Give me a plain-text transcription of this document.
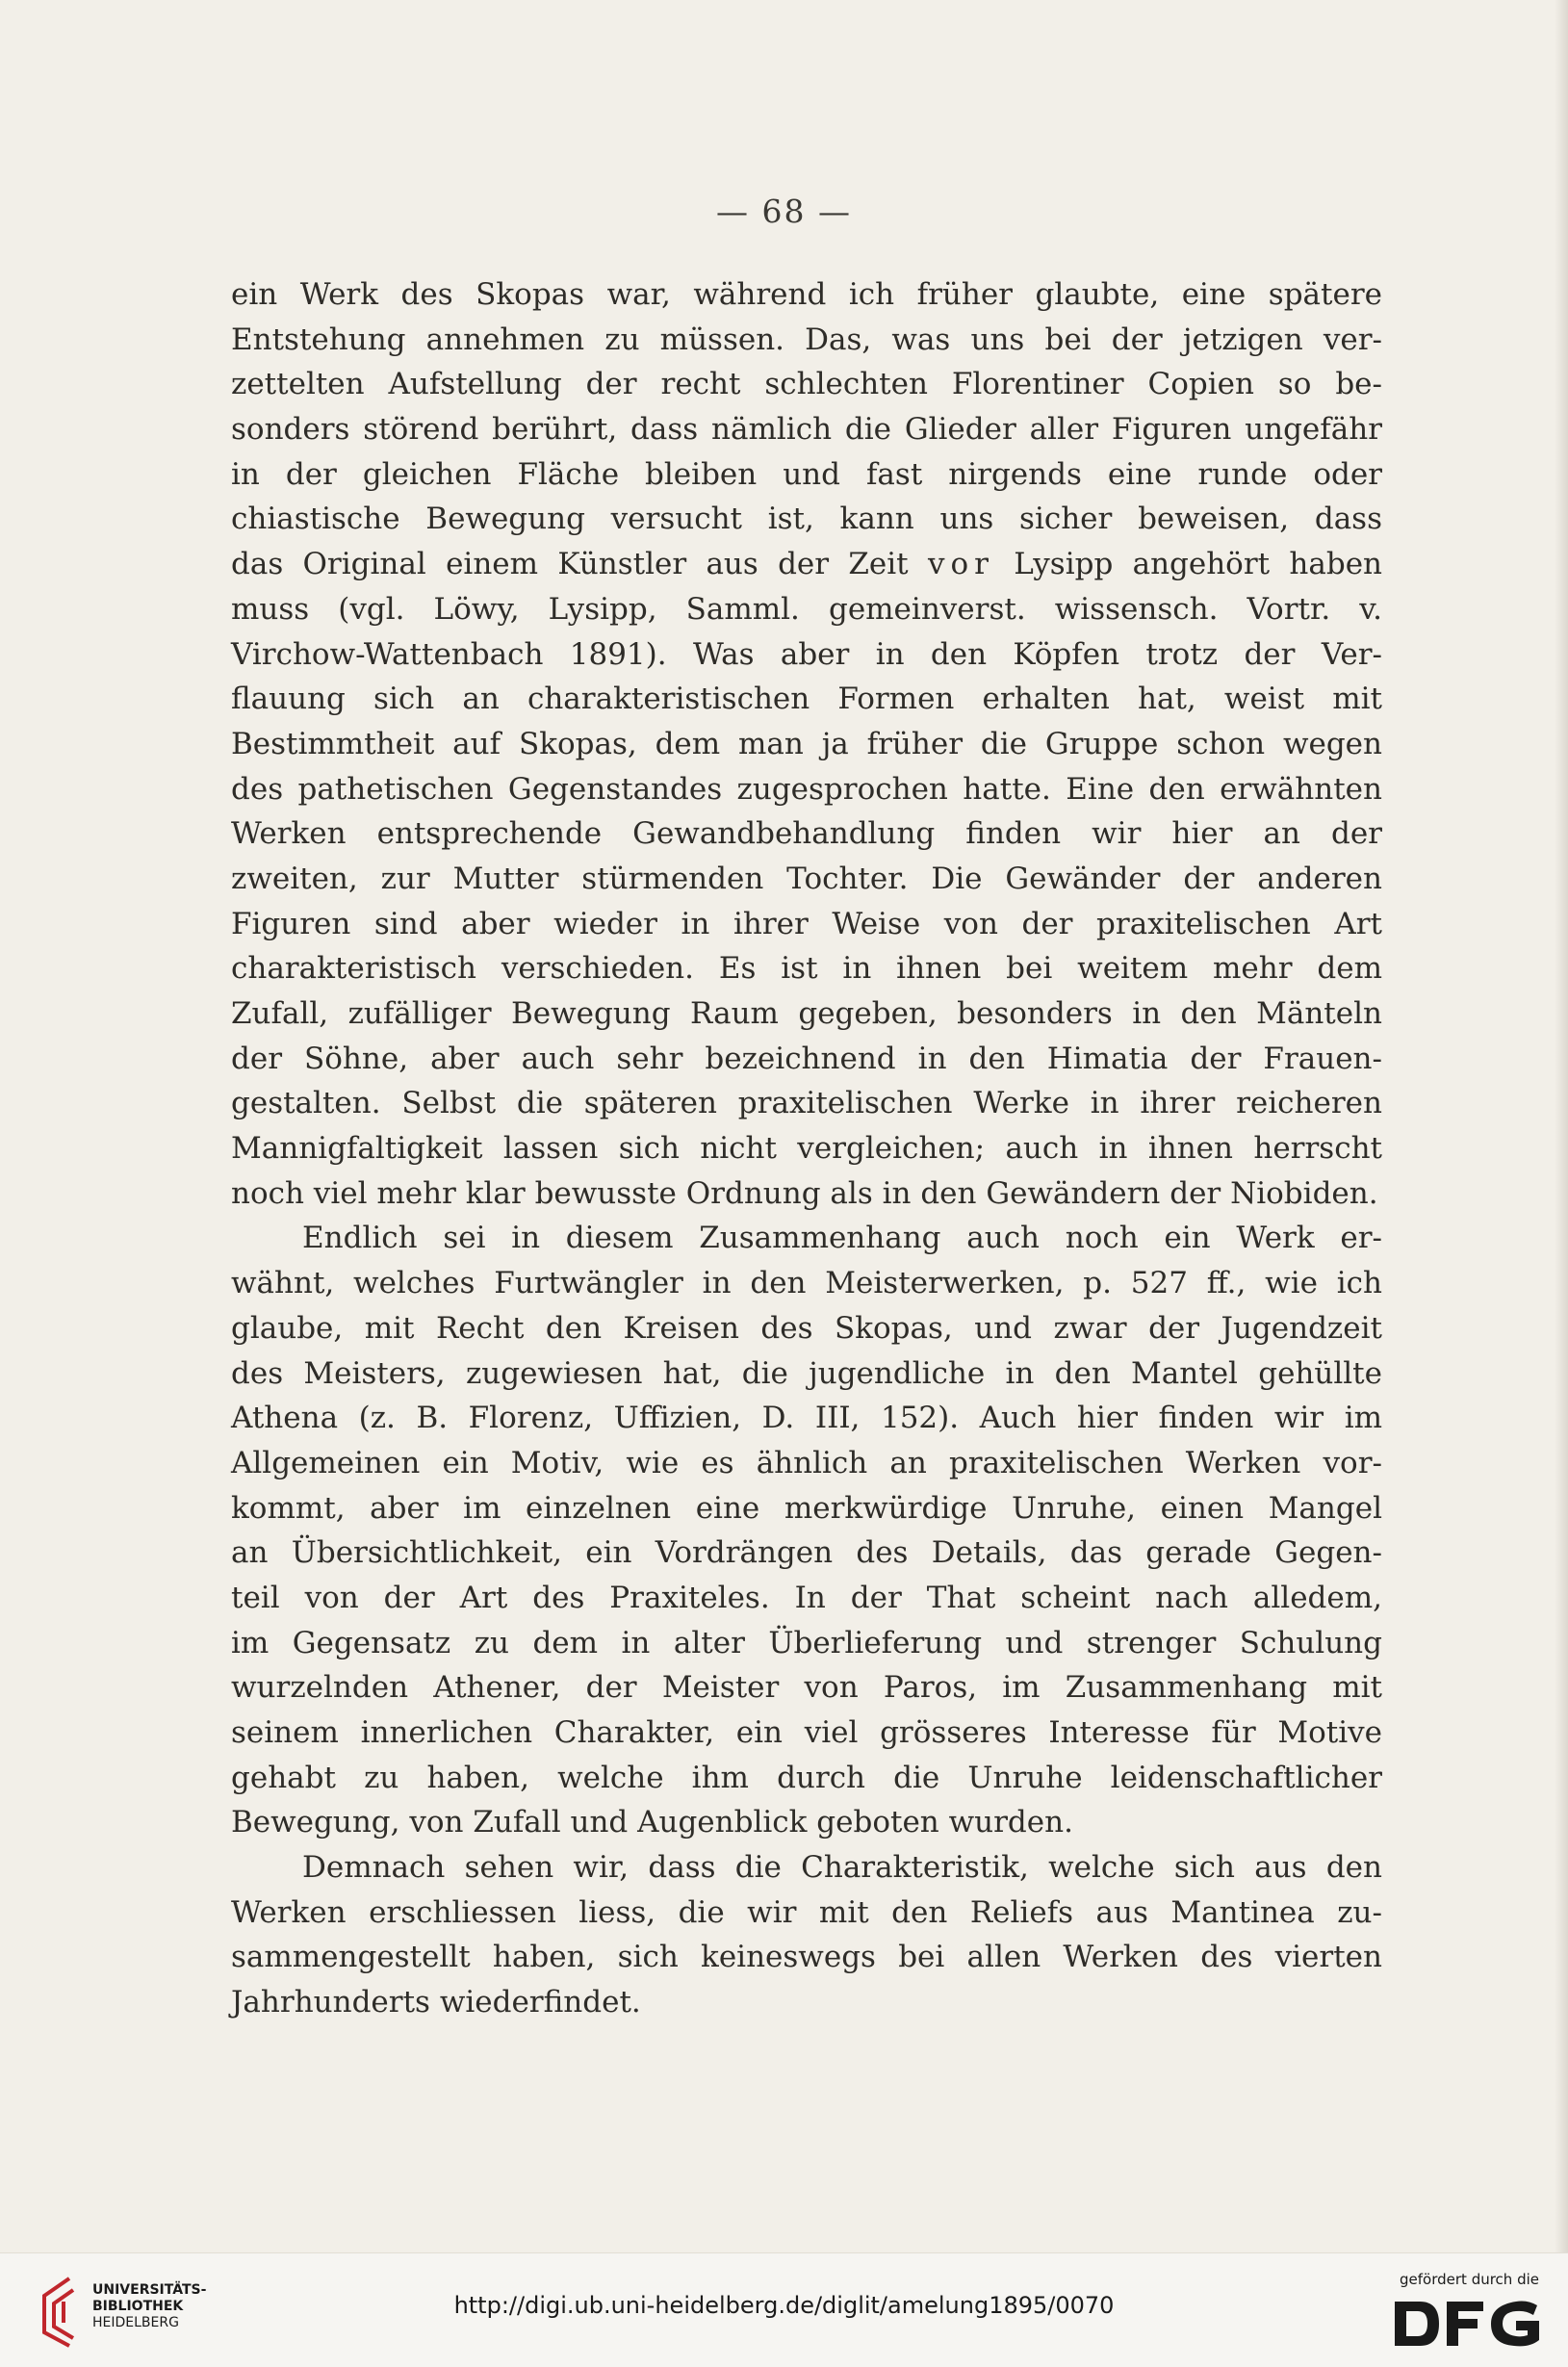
— 68 —
ein Werk des Skopas war, während ich früher glaubte, eine spätere
Entstehung annehmen zu müssen. Das, was uns bei der jetzigen ver-
zettelten Aufstellung der recht schlechten Florentiner Copien so be-
sonders störend berührt, dass nämlich die Glieder aller Figuren ungefähr
in der gleichen Fläche bleiben und fast nirgends eine runde oder
chiastische Bewegung versucht ist, kann uns sicher beweisen, dass
das Original einem Künstler aus der Zeit vor Lysipp angehört haben
muss (vgl. Löwy, Lysipp, Samml. gemeinverst. wissensch. Vortr. v.
Virchow-Wattenbach 1891). Was aber in den Köpfen trotz der Ver-
flauung sich an charakteristischen Formen erhalten hat, weist mit
Bestimmtheit auf Skopas, dem man ja früher die Gruppe schon wegen
des pathetischen Gegenstandes zugesprochen hatte. Eine den erwähnten
Werken entsprechende Gewandbehandlung finden wir hier an der
zweiten, zur Mutter stürmenden Tochter. Die Gewänder der anderen
Figuren sind aber wieder in ihrer Weise von der praxitelischen Art
charakteristisch verschieden. Es ist in ihnen bei weitem mehr dem
Zufall, zufälliger Bewegung Raum gegeben, besonders in den Mänteln
der Söhne, aber auch sehr bezeichnend in den Himatia der Frauen-
gestalten. Selbst die späteren praxitelischen Werke in ihrer reicheren
Mannigfaltigkeit lassen sich nicht vergleichen; auch in ihnen herrscht
noch viel mehr klar bewusste Ordnung als in den Gewändern der Niobiden.
Endlich sei in diesem Zusammenhang auch noch ein Werk er-
wähnt, welches Furtwängler in den Meisterwerken, p. 527 ff., wie ich
glaube, mit Recht den Kreisen des Skopas, und zwar der Jugendzeit
des Meisters, zugewiesen hat, die jugendliche in den Mantel gehüllte
Athena (z. B. Florenz, Uffizien, D. III, 152). Auch hier finden wir im
Allgemeinen ein Motiv, wie es ähnlich an praxitelischen Werken vor-
kommt, aber im einzelnen eine merkwürdige Unruhe, einen Mangel
an Übersichtlichkeit, ein Vordrängen des Details, das gerade Gegen-
teil von der Art des Praxiteles. In der That scheint nach alledem,
im Gegensatz zu dem in alter Überlieferung und strenger Schulung
wurzelnden Athener, der Meister von Paros, im Zusammenhang mit
seinem innerlichen Charakter, ein viel grösseres Interesse für Motive
gehabt zu haben, welche ihm durch die Unruhe leidenschaftlicher
Bewegung, von Zufall und Augenblick geboten wurden.
Demnach sehen wir, dass die Charakteristik, welche sich aus den
Werken erschliessen liess, die wir mit den Reliefs aus Mantinea zu-
sammengestellt haben, sich keineswegs bei allen Werken des vierten
Jahrhunderts wiederfindet.
UNIVERSITÄTS-
BIBLIOTHEK
HEIDELBERG
http://digi.ub.uni-heidelberg.de/diglit/amelung1895/0070
gefördert durch die
